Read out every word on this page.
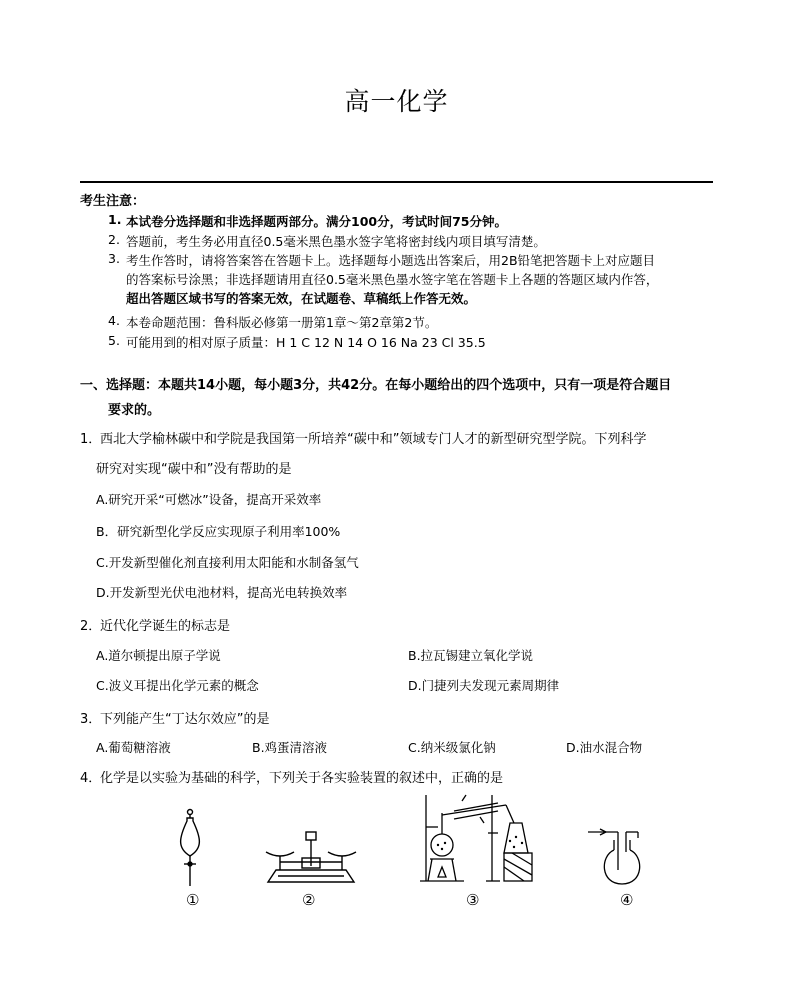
高一化学
考生注意：
1. 本试卷分选择题和非选择题两部分。满分100分，考试时间75分钟。
2. 答题前，考生务必用直径0.5毫米黑色墨水签字笔将密封线内项目填写清楚。
3. 考生作答时，请将答案答在答题卡上。选择题每小题选出答案后，用2B铅笔把答题卡上对应题目
的答案标号涂黑；非选择题请用直径0.5毫米黑色墨水签字笔在答题卡上各题的答题区域内作答，
超出答题区域书写的答案无效，在试题卷、草稿纸上作答无效。
4. 本卷命题范围：鲁科版必修第一册第1章～第2章第2节。
5. 可能用到的相对原子质量：H 1 C 12 N 14 O 16 Na 23 Cl 35.5
一、选择题：本题共14小题，每小题3分，共42分。在每小题给出的四个选项中，只有一项是符合题目
要求的。
1．
西北大学榆林碳中和学院是我国第一所培养“碳中和”领域专门人才的新型研究型学院。下列科学
研究对实现“碳中和”没有帮助的是
A.研究开采“可燃冰”设备，提高开采效率
B．研究新型化学反应实现原子利用率100%
C.开发新型催化剂直接利用太阳能和水制备氢气
D.开发新型光伏电池材料，提高光电转换效率
2．
近代化学诞生的标志是
A.道尔顿提出原子学说	B.拉瓦锡建立氧化学说
C.波义耳提出化学元素的概念	D.门捷列夫发现元素周期律
3．
下列能产生“丁达尔效应”的是
A.葡萄糖溶液	B.鸡蛋清溶液	C.纳米级氯化钠	D.油水混合物
4．
化学是以实验为基础的科学，下列关于各实验装置的叙述中，正确的是
①	②	③	④
